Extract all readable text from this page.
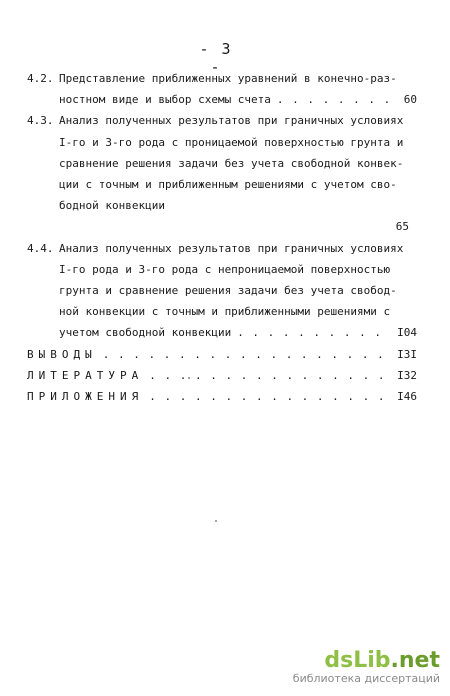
- 3 -
4.2. Представление приближенных уравнений в конечно-раз-
ностном виде и выбор схемы счета . . .	60
4.3. Анализ полученных результатов при граничных условиях
I-го и 3-го рода с проницаемой поверхностью грунта и
сравнение решения задачи без учета свободной конвек-
ции с точным и приближенным решениями с учетом сво-
бодной конвекции
65
4.4. Анализ полученных результатов при граничных условиях
I-го рода и 3-го рода с непроницаемой поверхностью
грунта и сравнение решения задачи без учета свобод-
ной конвекции с точным и приближенными решениями с
учетом свободной конвекции . . .	I04
ВЫВОДЫ . . .	I3I
ЛИТЕРАТУРА . . .	I32
ПРИЛОЖЕНИЯ . . .	I46
dsLib.net
библиотека диссертаций
